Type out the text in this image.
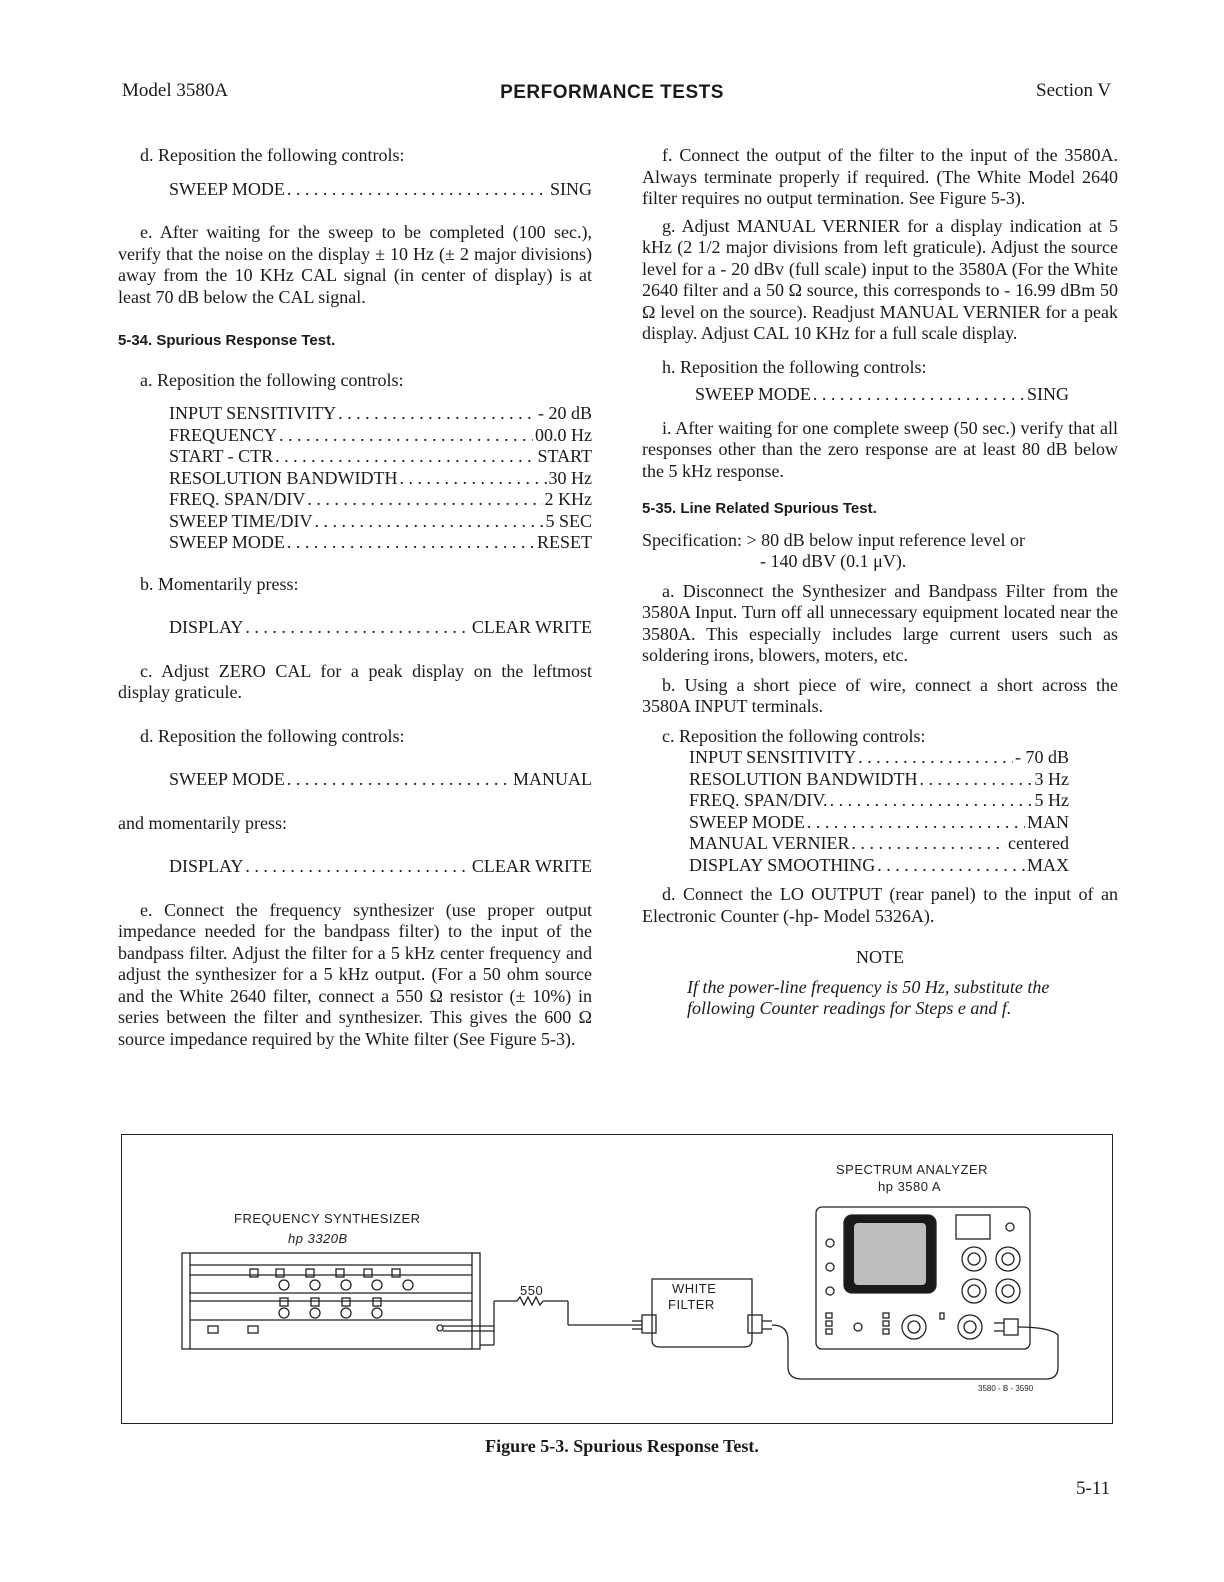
Model 3580A	PERFORMANCE TESTS	Section V

d. Reposition the following controls:

SWEEP MODE . . .	SING

e. After waiting for the sweep to be completed (100 sec.), verify that the noise on the display ± 10 Hz (± 2 major divisions) away from the 10 KHz CAL signal (in center of display) is at least 70 dB below the CAL signal.

5-34. Spurious Response Test.

a. Reposition the following controls:

INPUT SENSITIVITY . . .	- 20 dB

FREQUENCY . . .	00.0 Hz

START - CTR . . .	START

RESOLUTION BANDWIDTH . . .	30 Hz

FREQ. SPAN/DIV . . .	2 KHz

SWEEP TIME/DIV . . .	5 SEC

SWEEP MODE . . .	RESET

b. Momentarily press:

DISPLAY . . .	CLEAR WRITE

c. Adjust ZERO CAL for a peak display on the leftmost display graticule.

d. Reposition the following controls:

SWEEP MODE . . .	MANUAL

and momentarily press:

DISPLAY . . .	CLEAR WRITE

e. Connect the frequency synthesizer (use proper output impedance needed for the bandpass filter) to the input of the bandpass filter. Adjust the filter for a 5 kHz center frequency and adjust the synthesizer for a 5 kHz output. (For a 50 ohm source and the White 2640 filter, connect a 550 Ω resistor (± 10%) in series between the filter and synthesizer. This gives the 600 Ω source impedance required by the White filter (See Figure 5-3).

f. Connect the output of the filter to the input of the 3580A. Always terminate properly if required. (The White Model 2640 filter requires no output termination. See Figure 5-3).

g. Adjust MANUAL VERNIER for a display indication at 5 kHz (2 1/2 major divisions from left graticule). Adjust the source level for a - 20 dBv (full scale) input to the 3580A (For the White 2640 filter and a 50 Ω source, this corresponds to - 16.99 dBm 50 Ω level on the source). Readjust MANUAL VERNIER for a peak display. Adjust CAL 10 KHz for a full scale display.

h. Reposition the following controls:

SWEEP MODE . . .	SING

i. After waiting for one complete sweep (50 sec.) verify that all responses other than the zero response are at least 80 dB below the 5 kHz response.

5-35. Line Related Spurious Test.

Specification: > 80 dB below input reference level or

- 140 dBV (0.1 μV).

a. Disconnect the Synthesizer and Bandpass Filter from the 3580A Input. Turn off all unnecessary equipment located near the 3580A. This especially includes large current users such as soldering irons, blowers, moters, etc.

b. Using a short piece of wire, connect a short across the 3580A INPUT terminals.

c. Reposition the following controls:

INPUT SENSITIVITY . . .	- 70 dB

RESOLUTION BANDWIDTH . . .	3 Hz

FREQ. SPAN/DIV. . . .	5 Hz

SWEEP MODE . . .	MAN

MANUAL VERNIER . . .	centered

DISPLAY SMOOTHING . . .	MAX

d. Connect the LO OUTPUT (rear panel) to the input of an Electronic Counter (-hp- Model 5326A).

NOTE

If the power-line frequency is 50 Hz, substitute the following Counter readings for Steps e and f.

FREQUENCY SYNTHESIZER
hp 3320B
550	WHITE
FILTER
SPECTRUM ANALYZER
hp 3580 A
3580 - B - 3590
Figure 5-3. Spurious Response Test.
5-11
